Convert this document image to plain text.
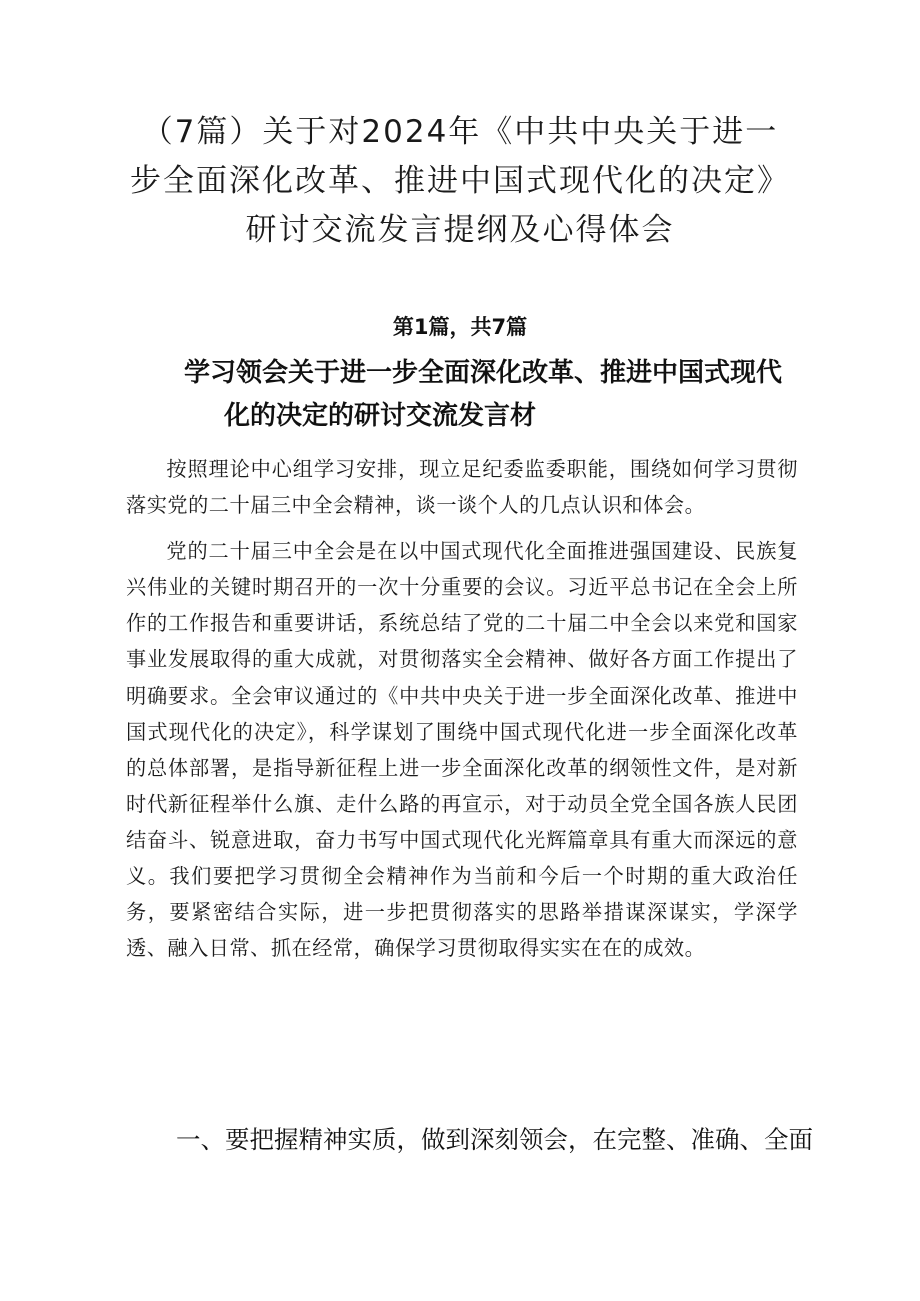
（7篇）关于对2024年《中共中央关于进一
步全面深化改革、推进中国式现代化的决定》
研讨交流发言提纲及心得体会
第1篇，共7篇
学习领会关于进一步全面深化改革、推进中国式现代
化的决定的研讨交流发言材

按照理论中心组学习安排，现立足纪委监委职能，围绕如何学习贯彻落实党的二十届三中全会精神，谈一谈个人的几点认识和体会。

党的二十届三中全会是在以中国式现代化全面推进强国建设、民族复兴伟业的关键时期召开的一次十分重要的会议。习近平总书记在全会上所作的工作报告和重要讲话，系统总结了党的二十届二中全会以来党和国家事业发展取得的重大成就，对贯彻落实全会精神、做好各方面工作提出了明确要求。全会审议通过的《中共中央关于进一步全面深化改革、推进中国式现代化的决定》，科学谋划了围绕中国式现代化进一步全面深化改革的总体部署，是指导新征程上进一步全面深化改革的纲领性文件，是对新时代新征程举什么旗、走什么路的再宣示，对于动员全党全国各族人民团结奋斗、锐意进取，奋力书写中国式现代化光辉篇章具有重大而深远的意义。我们要把学习贯彻全会精神作为当前和今后一个时期的重大政治任务，要紧密结合实际，进一步把贯彻落实的思路举措谋深谋实，学深学透、融入日常、抓在经常，确保学习贯彻取得实实在在的成效。

一、要把握精神实质，做到深刻领会，在完整、准确、全面
